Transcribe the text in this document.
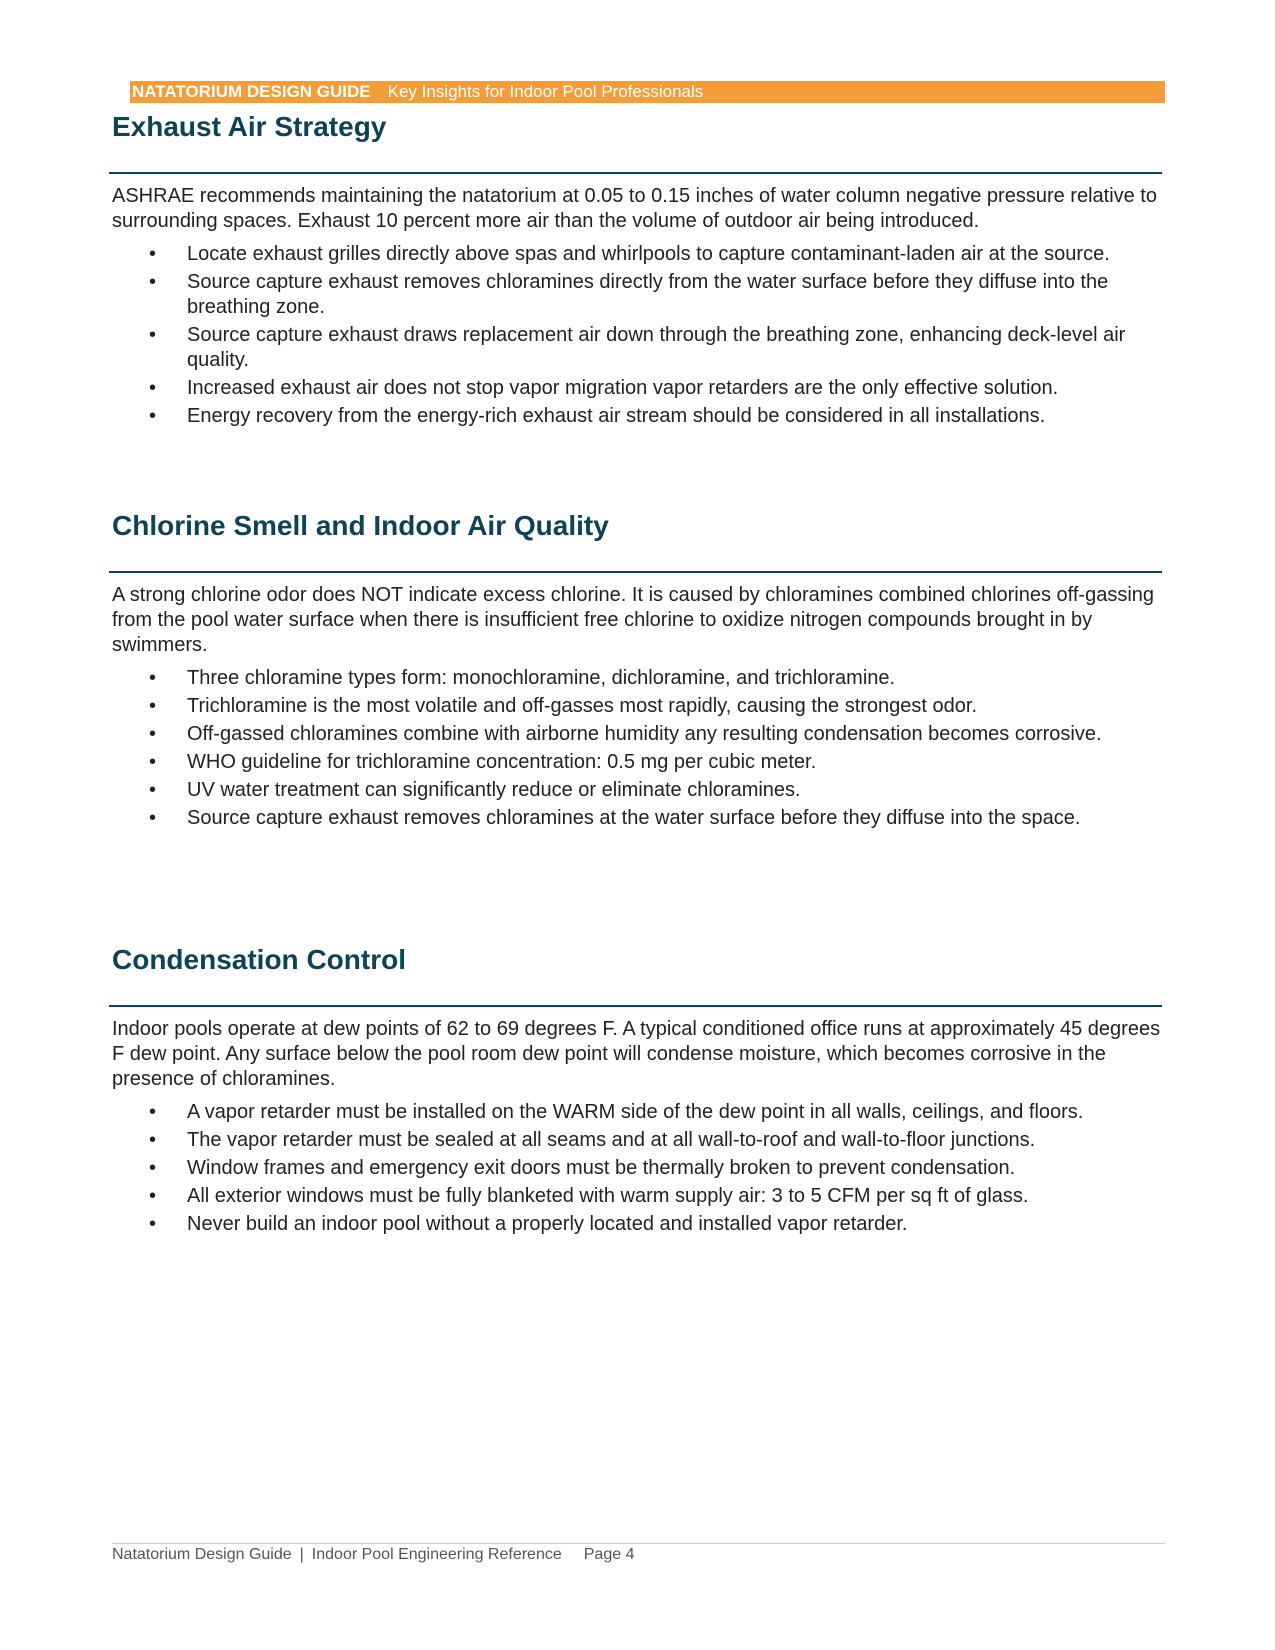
NATATORIUM DESIGN GUIDE Key Insights for Indoor Pool Professionals
Exhaust Air Strategy

ASHRAE recommends maintaining the natatorium at 0.05 to 0.15 inches of water column negative pressure relative to surrounding spaces. Exhaust 10 percent more air than the volume of outdoor air being introduced.

• Locate exhaust grilles directly above spas and whirlpools to capture contaminant-laden air at the source.
• Source capture exhaust removes chloramines directly from the water surface before they diffuse into the breathing zone.
• Source capture exhaust draws replacement air down through the breathing zone, enhancing deck-level air quality.
• Increased exhaust air does not stop vapor migration vapor retarders are the only effective solution.
• Energy recovery from the energy-rich exhaust air stream should be considered in all installations.
Chlorine Smell and Indoor Air Quality

A strong chlorine odor does NOT indicate excess chlorine. It is caused by chloramines combined chlorines off-gassing from the pool water surface when there is insufficient free chlorine to oxidize nitrogen compounds brought in by swimmers.

• Three chloramine types form: monochloramine, dichloramine, and trichloramine.
• Trichloramine is the most volatile and off-gasses most rapidly, causing the strongest odor.
• Off-gassed chloramines combine with airborne humidity any resulting condensation becomes corrosive.
• WHO guideline for trichloramine concentration: 0.5 mg per cubic meter.
• UV water treatment can significantly reduce or eliminate chloramines.
• Source capture exhaust removes chloramines at the water surface before they diffuse into the space.
Condensation Control

Indoor pools operate at dew points of 62 to 69 degrees F. A typical conditioned office runs at approximately 45 degrees F dew point. Any surface below the pool room dew point will condense moisture, which becomes corrosive in the presence of chloramines.

• A vapor retarder must be installed on the WARM side of the dew point in all walls, ceilings, and floors.
• The vapor retarder must be sealed at all seams and at all wall-to-roof and wall-to-floor junctions.
• Window frames and emergency exit doors must be thermally broken to prevent condensation.
• All exterior windows must be fully blanketed with warm supply air: 3 to 5 CFM per sq ft of glass.
• Never build an indoor pool without a properly located and installed vapor retarder.
Natatorium Design Guide | Indoor Pool Engineering Reference Page 4
